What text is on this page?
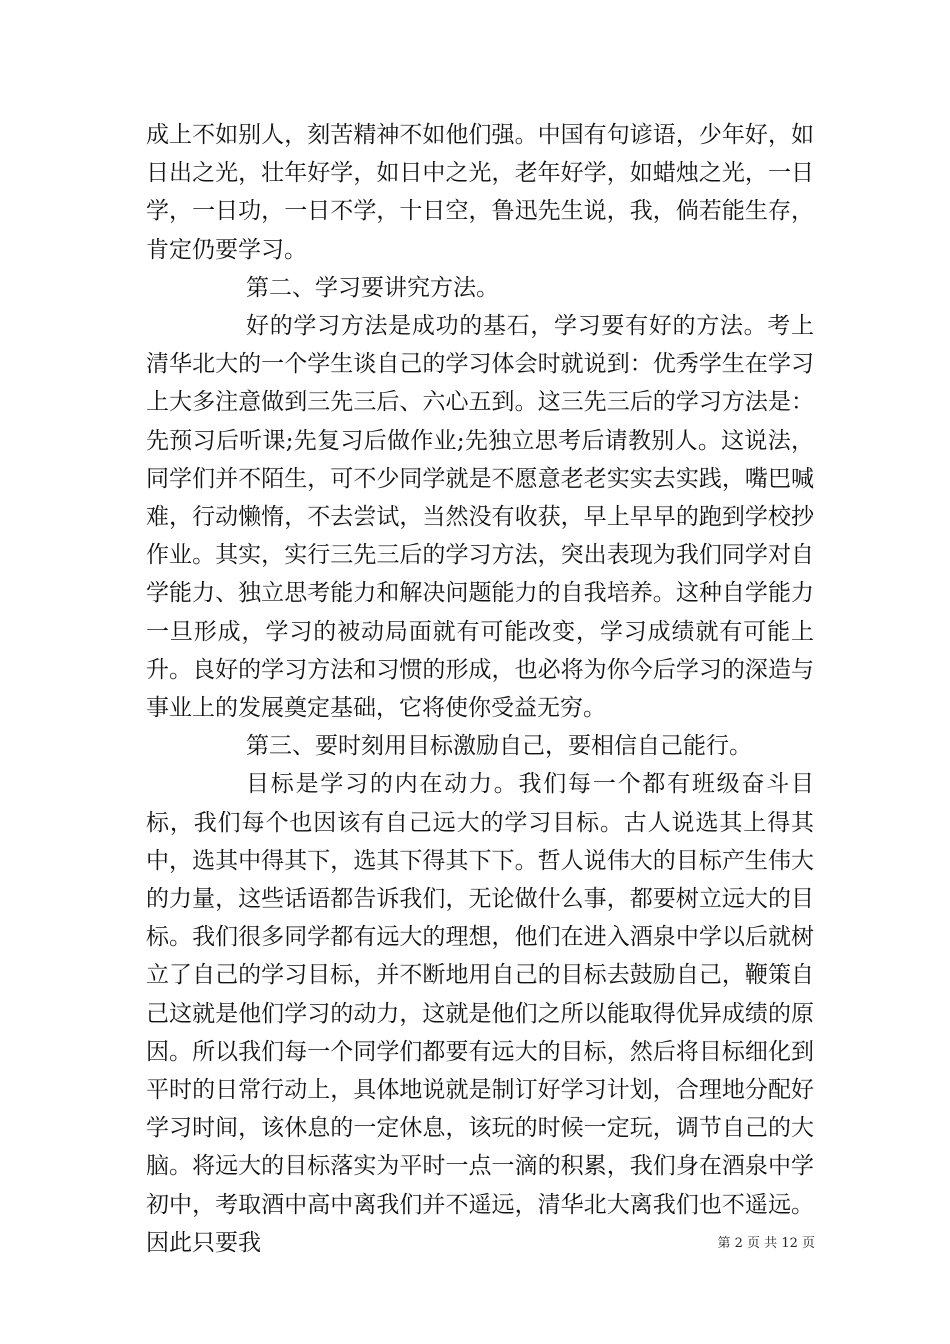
成上不如别人，刻苦精神不如他们强。中国有句谚语，少年好，如日出之光，壮年好学，如日中之光，老年好学，如蜡烛之光，一日学，一日功，一日不学，十日空，鲁迅先生说，我，倘若能生存，肯定仍要学习。

第二、学习要讲究方法。

好的学习方法是成功的基石，学习要有好的方法。考上清华北大的一个学生谈自己的学习体会时就说到：优秀学生在学习上大多注意做到三先三后、六心五到。这三先三后的学习方法是：先预习后听课;先复习后做作业;先独立思考后请教别人。这说法，同学们并不陌生，可不少同学就是不愿意老老实实去实践，嘴巴喊难，行动懒惰，不去尝试，当然没有收获，早上早早的跑到学校抄作业。其实，实行三先三后的学习方法，突出表现为我们同学对自学能力、独立思考能力和解决问题能力的自我培养。这种自学能力一旦形成，学习的被动局面就有可能改变，学习成绩就有可能上升。良好的学习方法和习惯的形成，也必将为你今后学习的深造与事业上的发展奠定基础，它将使你受益无穷。

第三、要时刻用目标激励自己，要相信自己能行。

目标是学习的内在动力。我们每一个都有班级奋斗目标，我们每个也因该有自己远大的学习目标。古人说选其上得其中，选其中得其下，选其下得其下下。哲人说伟大的目标产生伟大的力量，这些话语都告诉我们，无论做什么事，都要树立远大的目标。我们很多同学都有远大的理想，他们在进入酒泉中学以后就树立了自己的学习目标，并不断地用自己的目标去鼓励自己，鞭策自己这就是他们学习的动力，这就是他们之所以能取得优异成绩的原因。所以我们每一个同学们都要有远大的目标，然后将目标细化到平时的日常行动上，具体地说就是制订好学习计划，合理地分配好学习时间，该休息的一定休息，该玩的时候一定玩，调节自己的大脑。将远大的目标落实为平时一点一滴的积累，我们身在酒泉中学初中，考取酒中高中离我们并不遥远，清华北大离我们也不遥远。因此只要我	第 2 页 共 12 页
